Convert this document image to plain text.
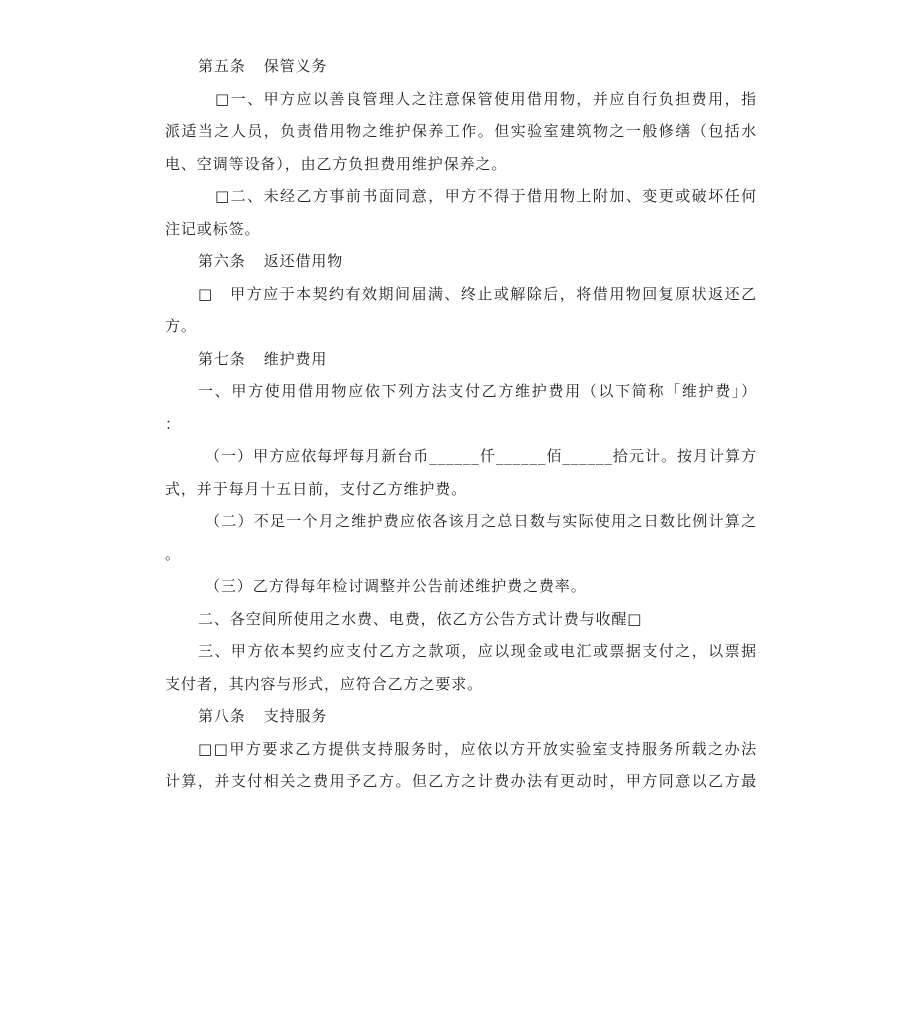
第五条 保管义务
□一、甲方应以善良管理人之注意保管使用借用物，并应自行负担费用，指
派适当之人员，负责借用物之维护保养工作。但实验室建筑物之一般修缮（包括水
电、空调等设备），由乙方负担费用维护保养之。
□二、未经乙方事前书面同意，甲方不得于借用物上附加、变更或破坏任何
注记或标签。
第六条 返还借用物
□　甲方应于本契约有效期间届满、终止或解除后，将借用物回复原状返还乙
方。
第七条 维护费用
一、甲方使用借用物应依下列方法支付乙方维护费用（以下简称「维护费」）
：
（一）甲方应依每坪每月新台币______仟______佰______拾元计。按月计算方
式，并于每月十五日前，支付乙方维护费。
（二）不足一个月之维护费应依各该月之总日数与实际使用之日数比例计算之
。
（三）乙方得每年检讨调整并公告前述维护费之费率。
二、各空间所使用之水费、电费，依乙方公告方式计费与收醒□
三、甲方依本契约应支付乙方之款项，应以现金或电汇或票据支付之，以票据
支付者，其内容与形式，应符合乙方之要求。
第八条 支持服务
□□甲方要求乙方提供支持服务时，应依以方开放实验室支持服务所载之办法
计算，并支付相关之费用予乙方。但乙方之计费办法有更动时，甲方同意以乙方最
